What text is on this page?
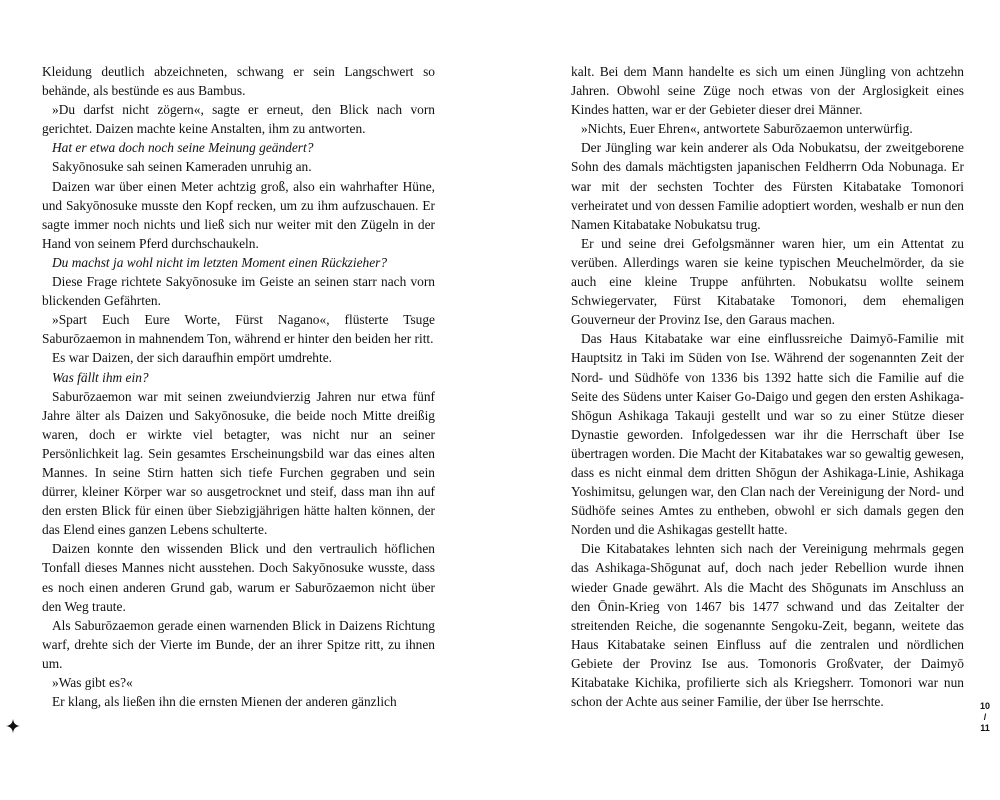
Kleidung deutlich abzeichneten, schwang er sein Langschwert so behände, als bestünde es aus Bambus.

»Du darfst nicht zögern«, sagte er erneut, den Blick nach vorn gerichtet. Daizen machte keine Anstalten, ihm zu antworten.

Hat er etwa doch noch seine Meinung geändert?

Sakyōnosuke sah seinen Kameraden unruhig an.

Daizen war über einen Meter achtzig groß, also ein wahrhafter Hüne, und Sakyōnosuke musste den Kopf recken, um zu ihm aufzuschauen. Er sagte immer noch nichts und ließ sich nur weiter mit den Zügeln in der Hand von seinem Pferd durchschaukeln.

Du machst ja wohl nicht im letzten Moment einen Rückzieher?

Diese Frage richtete Sakyōnosuke im Geiste an seinen starr nach vorn blickenden Gefährten.

»Spart Euch Eure Worte, Fürst Nagano«, flüsterte Tsuge Saburōzaemon in mahnendem Ton, während er hinter den beiden her ritt.

Es war Daizen, der sich daraufhin empört umdrehte.

Was fällt ihm ein?

Saburōzaemon war mit seinen zweiundvierzig Jahren nur etwa fünf Jahre älter als Daizen und Sakyōnosuke, die beide noch Mitte dreißig waren, doch er wirkte viel betagter, was nicht nur an seiner Persönlichkeit lag. Sein gesamtes Erscheinungsbild war das eines alten Mannes. In seine Stirn hatten sich tiefe Furchen gegraben und sein dürrer, kleiner Körper war so ausgetrocknet und steif, dass man ihn auf den ersten Blick für einen über Siebzigjährigen hätte halten können, der das Elend eines ganzen Lebens schulterte.

Daizen konnte den wissenden Blick und den vertraulich höflichen Tonfall dieses Mannes nicht ausstehen. Doch Sakyōnosuke wusste, dass es noch einen anderen Grund gab, warum er Saburōzaemon nicht über den Weg traute.

Als Saburōzaemon gerade einen warnenden Blick in Daizens Richtung warf, drehte sich der Vierte im Bunde, der an ihrer Spitze ritt, zu ihnen um.

»Was gibt es?«

Er klang, als ließen ihn die ernsten Mienen der anderen gänzlich

kalt. Bei dem Mann handelte es sich um einen Jüngling von achtzehn Jahren. Obwohl seine Züge noch etwas von der Arglosigkeit eines Kindes hatten, war er der Gebieter dieser drei Männer.

»Nichts, Euer Ehren«, antwortete Saburōzaemon unterwürfig.

Der Jüngling war kein anderer als Oda Nobukatsu, der zweitgeborene Sohn des damals mächtigsten japanischen Feldherrn Oda Nobunaga. Er war mit der sechsten Tochter des Fürsten Kitabatake Tomonori verheiratet und von dessen Familie adoptiert worden, weshalb er nun den Namen Kitabatake Nobukatsu trug.

Er und seine drei Gefolgsmänner waren hier, um ein Attentat zu verüben. Allerdings waren sie keine typischen Meuchelmörder, da sie auch eine kleine Truppe anführten. Nobukatsu wollte seinem Schwiegervater, Fürst Kitabatake Tomonori, dem ehemaligen Gouverneur der Provinz Ise, den Garaus machen.

Das Haus Kitabatake war eine einflussreiche Daimyō-Familie mit Hauptsitz in Taki im Süden von Ise. Während der sogenannten Zeit der Nord- und Südhöfe von 1336 bis 1392 hatte sich die Familie auf die Seite des Südens unter Kaiser Go-Daigo und gegen den ersten Ashikaga-Shōgun Ashikaga Takauji gestellt und war so zu einer Stütze dieser Dynastie geworden. Infolgedessen war ihr die Herrschaft über Ise übertragen worden. Die Macht der Kitabatakes war so gewaltig gewesen, dass es nicht einmal dem dritten Shōgun der Ashikaga-Linie, Ashikaga Yoshimitsu, gelungen war, den Clan nach der Vereinigung der Nord- und Südhöfe seines Amtes zu entheben, obwohl er sich damals gegen den Norden und die Ashikagas gestellt hatte.

Die Kitabatakes lehnten sich nach der Vereinigung mehrmals gegen das Ashikaga-Shōgunat auf, doch nach jeder Rebellion wurde ihnen wieder Gnade gewährt. Als die Macht des Shōgunats im Anschluss an den Ōnin-Krieg von 1467 bis 1477 schwand und das Zeitalter der streitenden Reiche, die sogenannte Sengoku-Zeit, begann, weitete das Haus Kitabatake seinen Einfluss auf die zentralen und nördlichen Gebiete der Provinz Ise aus. Tomonoris Großvater, der Daimyō Kitabatake Kichika, profilierte sich als Kriegsherr. Tomonori war nun schon der Achte aus seiner Familie, der über Ise herrschte.	10
/
11
